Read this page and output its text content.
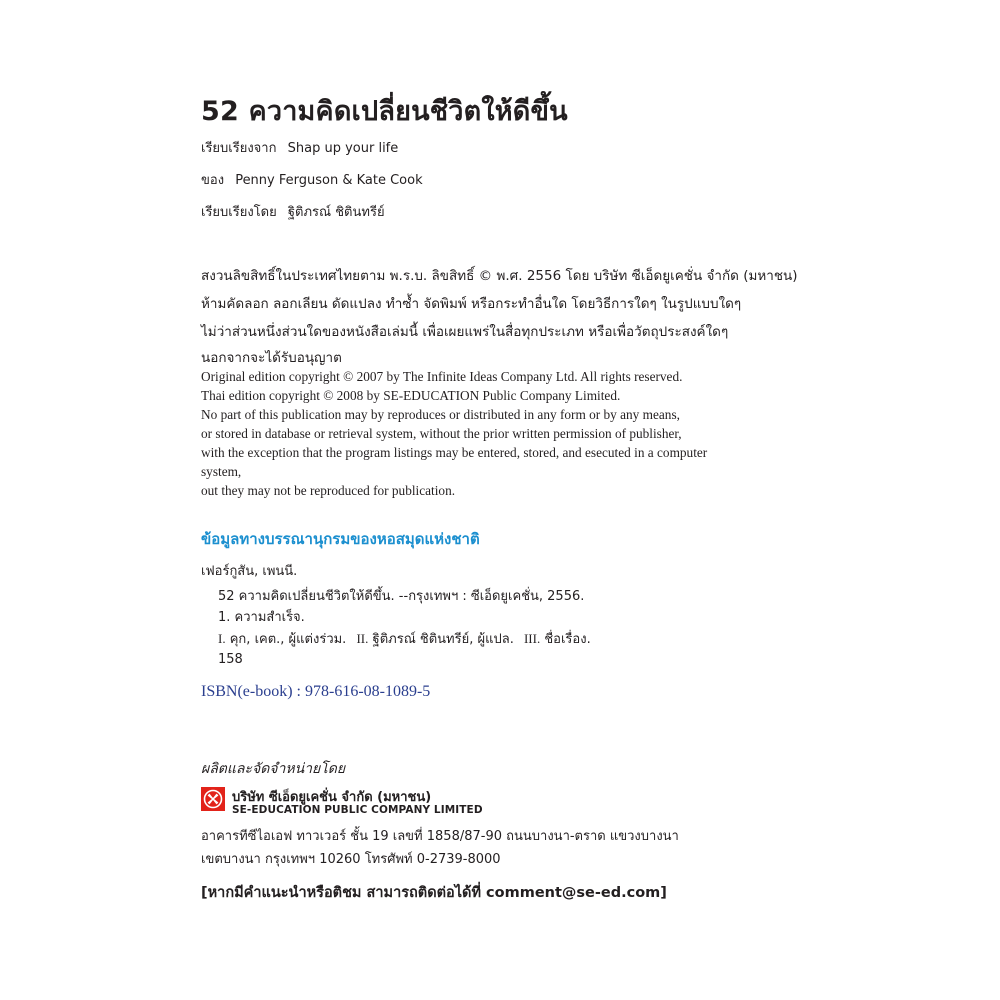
52 ความคิดเปลี่ยนชีวิตให้ดีขึ้น
เรียบเรียงจาก Shap up your life
ของ Penny Ferguson & Kate Cook
เรียบเรียงโดย ฐิติภรณ์ ชิตินทรีย์
สงวนลิขสิทธิ์ในประเทศไทยตาม พ.ร.บ. ลิขสิทธิ์ © พ.ศ. 2556 โดย บริษัท ซีเอ็ดยูเคชั่น จำกัด (มหาชน)
ห้ามคัดลอก ลอกเลียน ดัดแปลง ทำซ้ำ จัดพิมพ์ หรือกระทำอื่นใด โดยวิธีการใดๆ ในรูปแบบใดๆ
ไม่ว่าส่วนหนึ่งส่วนใดของหนังสือเล่มนี้ เพื่อเผยแพร่ในสื่อทุกประเภท หรือเพื่อวัตถุประสงค์ใดๆ
นอกจากจะได้รับอนุญาต
Original edition copyright © 2007 by The Infinite Ideas Company Ltd. All rights reserved.
Thai edition copyright © 2008 by SE-EDUCATION Public Company Limited.
No part of this publication may by reproduces or distributed in any form or by any means,
or stored in database or retrieval system, without the prior written permission of publisher,
with the exception that the program listings may be entered, stored, and esecuted in a computer
system,
out they may not be reproduced for publication.
ข้อมูลทางบรรณานุกรมของหอสมุดแห่งชาติ
เฟอร์กูสัน, เพนนี.
52 ความคิดเปลี่ยนชีวิตให้ดีขึ้น. --กรุงเทพฯ : ซีเอ็ดยูเคชั่น, 2556.
1. ความสำเร็จ.
I. คุก, เคต., ผู้แต่งร่วม. II. ฐิติภรณ์ ชิตินทรีย์, ผู้แปล. III. ชื่อเรื่อง.
158
ISBN(e-book) : 978-616-08-1089-5
ผลิตและจัดจำหน่ายโดย
บริษัท ซีเอ็ดยูเคชั่น จำกัด (มหาชน)
SE-EDUCATION PUBLIC COMPANY LIMITED
อาคารทีซีไอเอฟ ทาวเวอร์ ชั้น 19 เลขที่ 1858/87-90 ถนนบางนา-ตราด แขวงบางนา
เขตบางนา กรุงเทพฯ 10260 โทรศัพท์ 0-2739-8000
[หากมีคำแนะนำหรือติชม สามารถติดต่อได้ที่ comment@se-ed.com]
